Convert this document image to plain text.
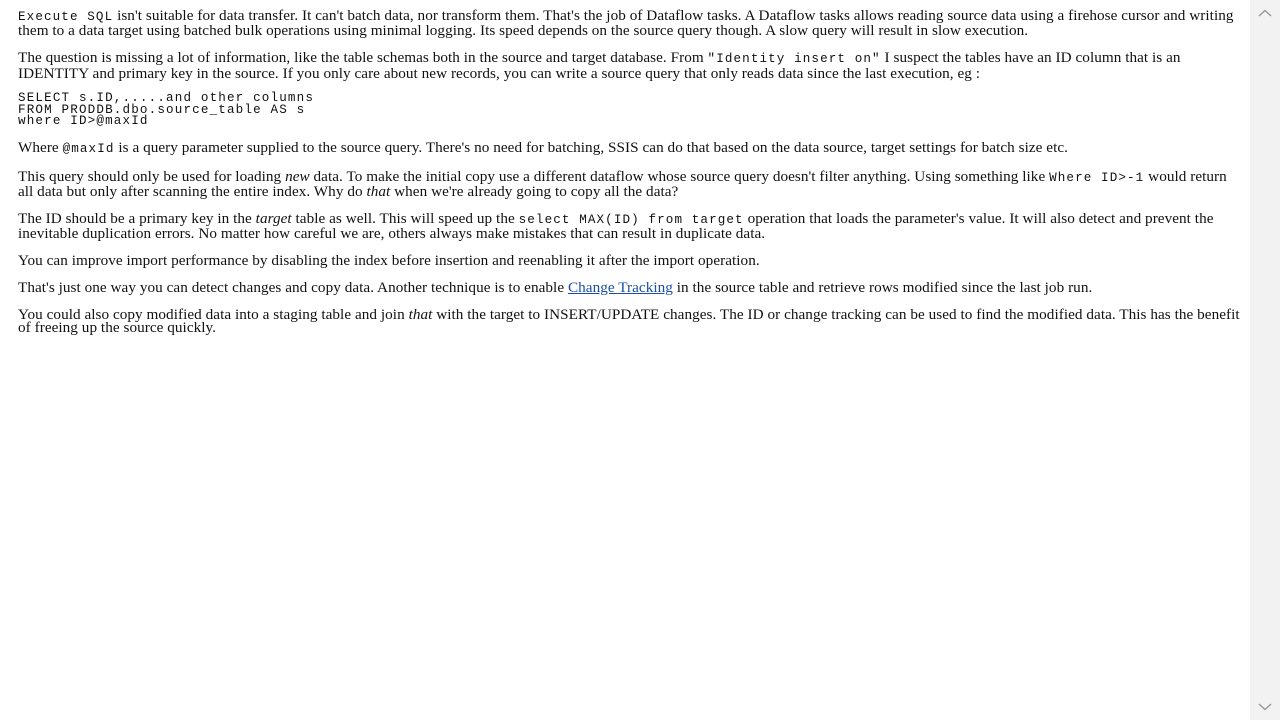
Execute SQL isn't suitable for data transfer. It can't batch data, nor transform them. That's the job of Dataflow tasks. A Dataflow tasks allows reading source data using a firehose cursor and writing them to a data target using batched bulk operations using minimal logging. Its speed depends on the source query though. A slow query will result in slow execution.

The question is missing a lot of information, like the table schemas both in the source and target database. From "Identity insert on" I suspect the tables have an ID column that is an IDENTITY and primary key in the source. If you only care about new records, you can write a source query that only reads data since the last execution, eg :

SELECT s.ID,.....and other columns
FROM PRODDB.dbo.source_table AS s
where ID>@maxId

Where @maxId is a query parameter supplied to the source query. There's no need for batching, SSIS can do that based on the data source, target settings for batch size etc.

This query should only be used for loading new data. To make the initial copy use a different dataflow whose source query doesn't filter anything. Using something like Where ID>-1 would return all data but only after scanning the entire index. Why do that when we're already going to copy all the data?

The ID should be a primary key in the target table as well. This will speed up the select MAX(ID) from target operation that loads the parameter's value. It will also detect and prevent the inevitable duplication errors. No matter how careful we are, others always make mistakes that can result in duplicate data.

You can improve import performance by disabling the index before insertion and reenabling it after the import operation.

That's just one way you can detect changes and copy data. Another technique is to enable Change Tracking in the source table and retrieve rows modified since the last job run.

You could also copy modified data into a staging table and join that with the target to INSERT/UPDATE changes. The ID or change tracking can be used to find the modified data. This has the benefit of freeing up the source quickly.
